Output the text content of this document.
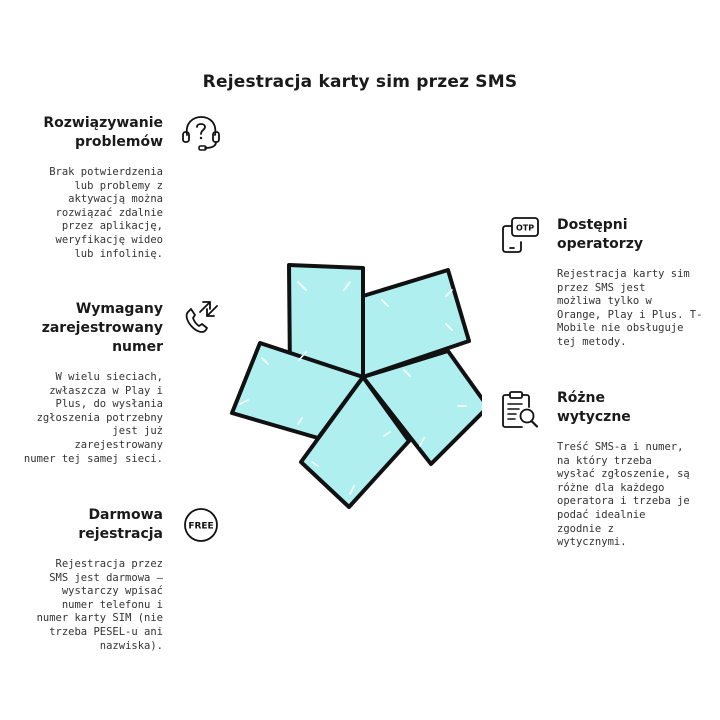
Rejestracja karty sim przez SMS
Rozwiązywanie
problemów
Brak potwierdzenia
lub problemy z
aktywacją można
rozwiązać zdalnie
przez aplikację,
weryfikację wideo
lub infolinię.
Wymagany
zarejestrowany
numer
W wielu sieciach,
zwłaszcza w Play i
Plus, do wysłania
zgłoszenia potrzebny
jest już
zarejestrowany
numer tej samej sieci.
Darmowa
rejestracja
Rejestracja przez
SMS jest darmowa –
wystarczy wpisać
numer telefonu i
numer karty SIM (nie
trzeba PESEL-u ani
nazwiska).
FREE
OTP Dostępni
operatorzy
Rejestracja karty sim
przez SMS jest
możliwa tylko w
Orange, Play i Plus. T-
Mobile nie obsługuje
tej metody.
Różne
wytyczne
Treść SMS-a i numer,
na który trzeba
wysłać zgłoszenie, są
różne dla każdego
operatora i trzeba je
podać idealnie
zgodnie z
wytycznymi.
